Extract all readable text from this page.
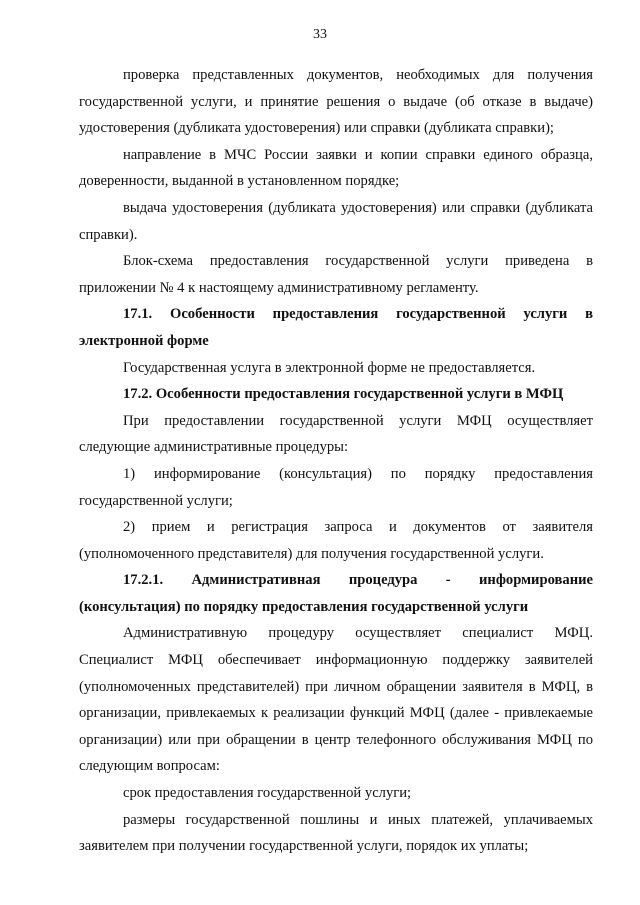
33

проверка представленных документов, необходимых для получения государственной услуги, и принятие решения о выдаче (об отказе в выдаче) удостоверения (дубликата удостоверения) или справки (дубликата справки);

направление в МЧС России заявки и копии справки единого образца, доверенности, выданной в установленном порядке;

выдача удостоверения (дубликата удостоверения) или справки (дубликата справки).

Блок-схема предоставления государственной услуги приведена в приложении № 4 к настоящему административному регламенту.

17.1. Особенности предоставления государственной услуги в электронной форме

Государственная услуга в электронной форме не предоставляется.

17.2. Особенности предоставления государственной услуги в МФЦ

При предоставлении государственной услуги МФЦ осуществляет следующие административные процедуры:

1) информирование (консультация) по порядку предоставления государственной услуги;

2) прием и регистрация запроса и документов от заявителя (уполномоченного представителя) для получения государственной услуги.

17.2.1. Административная процедура - информирование (консультация) по порядку предоставления государственной услуги

Административную процедуру осуществляет специалист МФЦ. Специалист МФЦ обеспечивает информационную поддержку заявителей (уполномоченных представителей) при личном обращении заявителя в МФЦ, в организации, привлекаемых к реализации функций МФЦ (далее - привлекаемые организации) или при обращении в центр телефонного обслуживания МФЦ по следующим вопросам:

срок предоставления государственной услуги;

размеры государственной пошлины и иных платежей, уплачиваемых заявителем при получении государственной услуги, порядок их уплаты;
